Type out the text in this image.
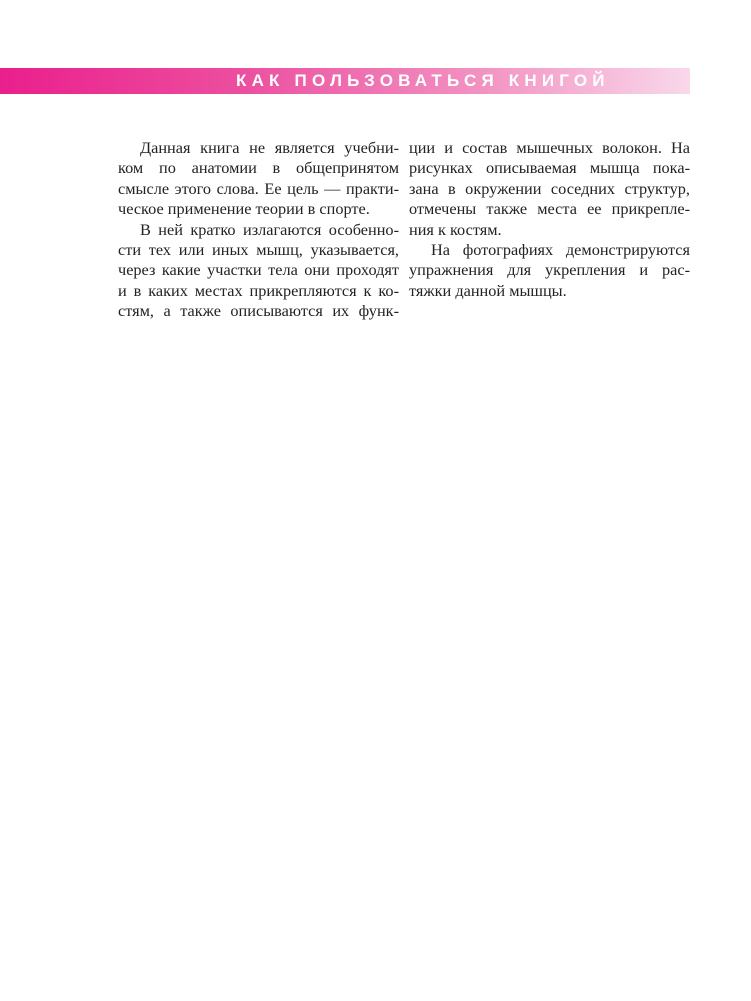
КАК ПОЛЬЗОВАТЬСЯ КНИГОЙ
Данная книга не является учебни-
ком по анатомии в общепринятом
смысле этого слова. Ее цель — практи-
ческое применение теории в спорте.
В ней кратко излагаются особенно-
сти тех или иных мышц, указывается,
через какие участки тела они проходят
и в каких местах прикрепляются к ко-
стям, а также описываются их функ-
ции и состав мышечных волокон. На
рисунках описываемая мышца пока-
зана в окружении соседних структур,
отмечены также места ее прикрепле-
ния к костям.
На фотографиях демонстрируются
упражнения для укрепления и рас-
тяжки данной мышцы.
